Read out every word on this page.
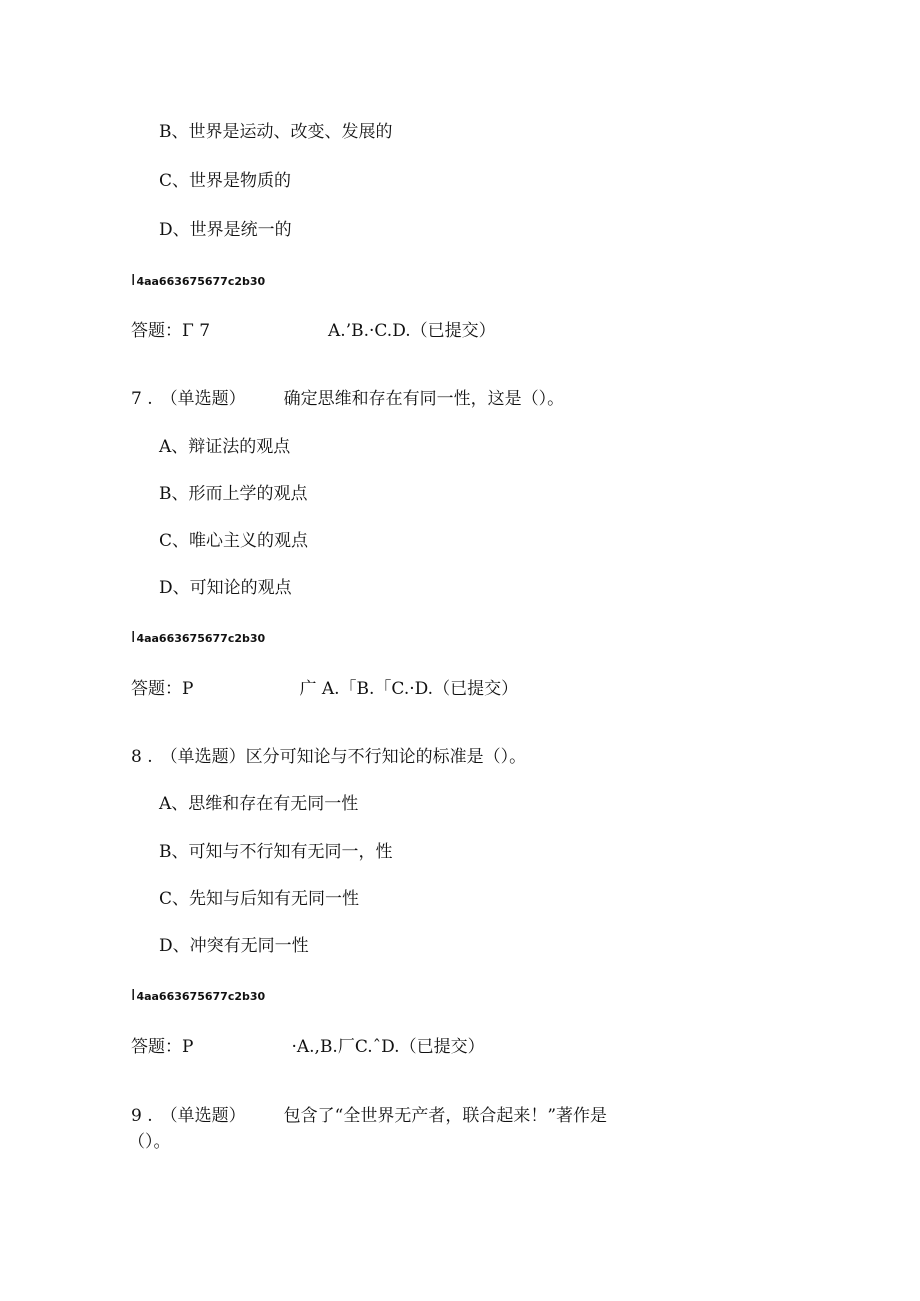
B、世界是运动、改变、发展的
C、世界是物质的
D、世界是统一的
I4aa663675677c2b30
答题：Γ 7	A.’B.·C.D.（已提交）
7 . （单选题） 确定思维和存在有同一性，这是（）。
A、辩证法的观点
B、形而上学的观点
C、唯心主义的观点
D、可知论的观点
I4aa663675677c2b30
答题：P	广 A.「B.「C.·D.（已提交）
8 . （单选题）区分可知论与不行知论的标准是（）。
A、思维和存在有无同一性
B、可知与不行知有无同一，性
C、先知与后知有无同一性
D、冲突有无同一性
I4aa663675677c2b30
答题：P	·A.,B.厂C.ˆD.（已提交）
9 . （单选题） 包含了“全世界无产者，联合起来！”著作是
（）。
